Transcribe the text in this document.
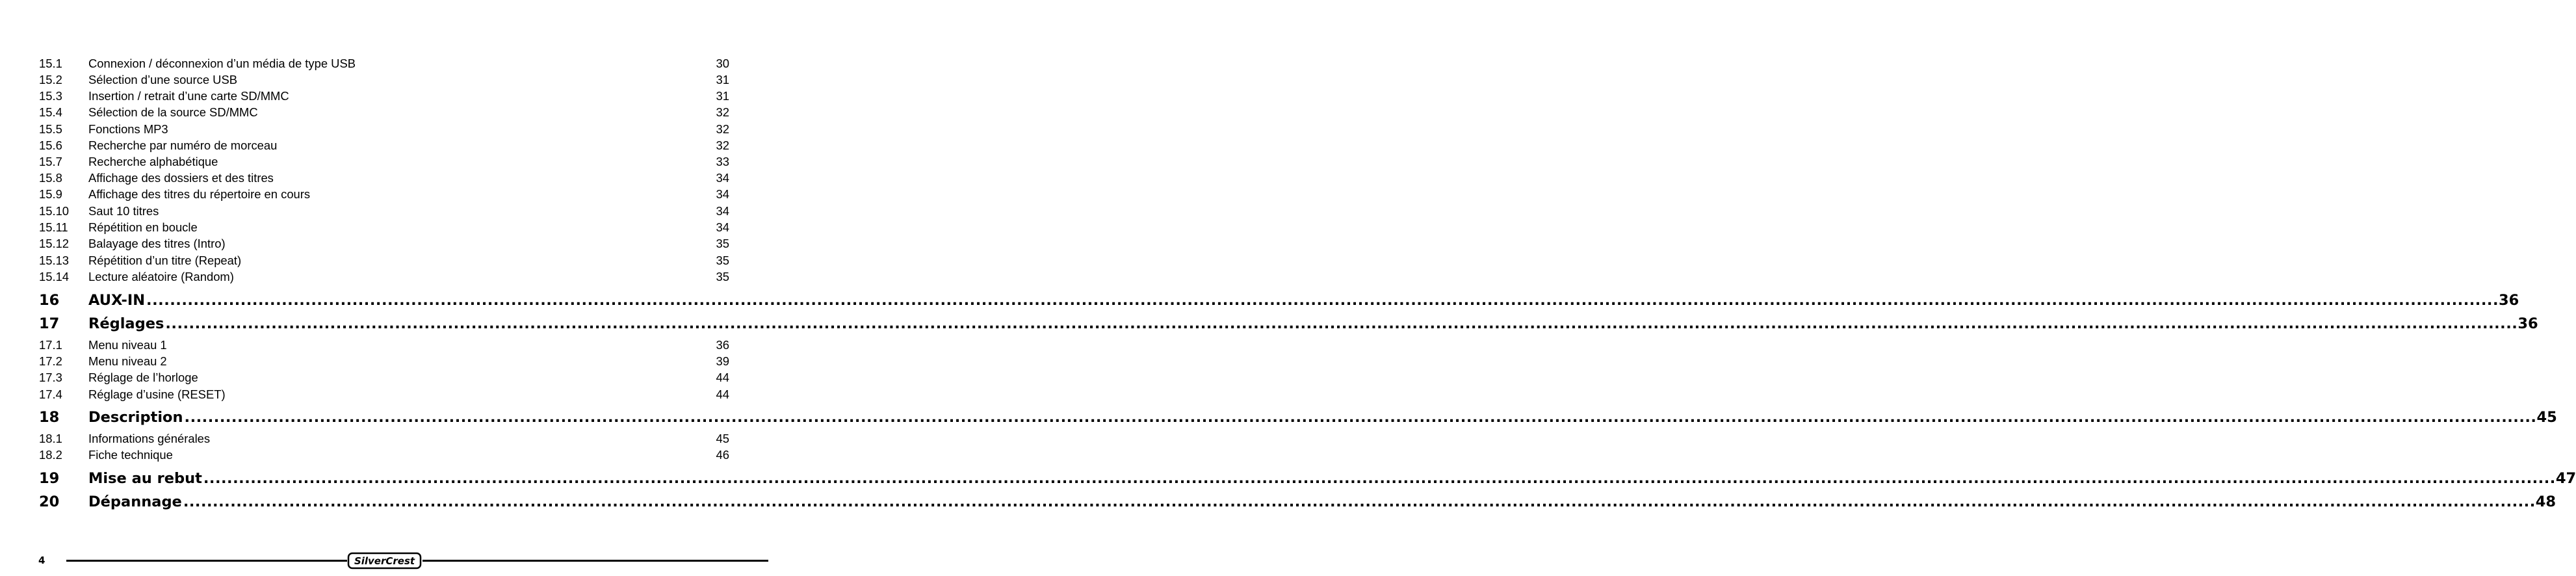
15.1	Connexion / déconnexion d’un média de type USB	30
15.2	Sélection d’une source USB	31
15.3	Insertion / retrait d’une carte SD/MMC	31
15.4	Sélection de la source SD/MMC	32
15.5	Fonctions MP3	32
15.6	Recherche par numéro de morceau	32
15.7	Recherche alphabétique	33
15.8	Affichage des dossiers et des titres	34
15.9	Affichage des titres du répertoire en cours	34
15.10	Saut 10 titres	34
15.11	Répétition en boucle	34
15.12	Balayage des titres (Intro)	35
15.13	Répétition d’un titre (Repeat)	35
15.14	Lecture aléatoire (Random)	35
16	AUX-IN ................................................................................................................................................................................................................................................................................................................................................................................................................ 36
17	Réglages ................................................................................................................................................................................................................................................................................................................................................................................................................ 36
17.1	Menu niveau 1	36
17.2	Menu niveau 2	39
17.3	Réglage de l’horloge	44
17.4	Réglage d’usine (RESET)	44
18	Description ................................................................................................................................................................................................................................................................................................................................................................................................................ 45
18.1	Informations générales	45
18.2	Fiche technique	46
19	Mise au rebut ................................................................................................................................................................................................................................................................................................................................................................................................................ 47
20	Dépannage ................................................................................................................................................................................................................................................................................................................................................................................................................ 48
4	SilverCrest
